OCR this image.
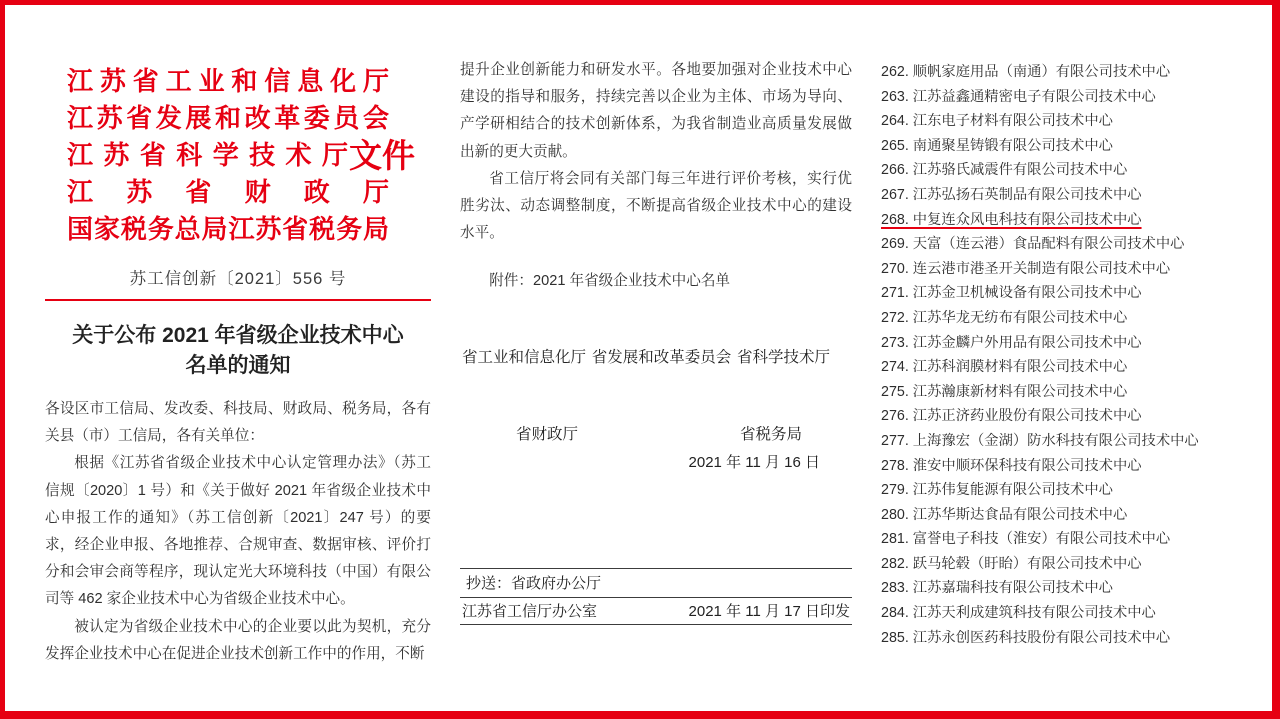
江苏省工业和信息化厅
江苏省发展和改革委员会
江苏省科学技术厅
江苏省财政厅
国家税务总局江苏省税务局
文件
苏工信创新〔2021〕556 号
关于公布 2021 年省级企业技术中心
名单的通知

各设区市工信局、发改委、科技局、财政局、税务局，各有关县（市）工信局，各有关单位：

根据《江苏省省级企业技术中心认定管理办法》（苏工信规〔2020〕1 号）和《关于做好 2021 年省级企业技术中心申报工作的通知》（苏工信创新〔2021〕247 号）的要求，经企业申报、各地推荐、合规审查、数据审核、评价打分和会审会商等程序，现认定光大环境科技（中国）有限公司等 462 家企业技术中心为省级企业技术中心。

被认定为省级企业技术中心的企业要以此为契机，充分发挥企业技术中心在促进企业技术创新工作中的作用，不断

提升企业创新能力和研发水平。各地要加强对企业技术中心建设的指导和服务，持续完善以企业为主体、市场为导向、产学研相结合的技术创新体系，为我省制造业高质量发展做出新的更大贡献。

省工信厅将会同有关部门每三年进行评价考核，实行优胜劣汰、动态调整制度，不断提高省级企业技术中心的建设水平。

附件：2021 年省级企业技术中心名单
省工业和信息化厅 省发展和改革委员会 省科学技术厅
省财政厅	省税务局
2021 年 11 月 16 日
抄送：省政府办公厅
江苏省工信厅办公室	2021 年 11 月 17 日印发
262. 顺帆家庭用品（南通）有限公司技术中心
263. 江苏益鑫通精密电子有限公司技术中心
264. 江东电子材料有限公司技术中心
265. 南通聚星铸锻有限公司技术中心
266. 江苏骆氏减震件有限公司技术中心
267. 江苏弘扬石英制品有限公司技术中心
268. 中复连众风电科技有限公司技术中心
269. 天富（连云港）食品配料有限公司技术中心
270. 连云港市港圣开关制造有限公司技术中心
271. 江苏金卫机械设备有限公司技术中心
272. 江苏华龙无纺布有限公司技术中心
273. 江苏金麟户外用品有限公司技术中心
274. 江苏科润膜材料有限公司技术中心
275. 江苏瀚康新材料有限公司技术中心
276. 江苏正济药业股份有限公司技术中心
277. 上海豫宏（金湖）防水科技有限公司技术中心
278. 淮安中顺环保科技有限公司技术中心
279. 江苏伟复能源有限公司技术中心
280. 江苏华斯达食品有限公司技术中心
281. 富誉电子科技（淮安）有限公司技术中心
282. 跃马轮毂（盱眙）有限公司技术中心
283. 江苏嘉瑞科技有限公司技术中心
284. 江苏天利成建筑科技有限公司技术中心
285. 江苏永创医药科技股份有限公司技术中心
